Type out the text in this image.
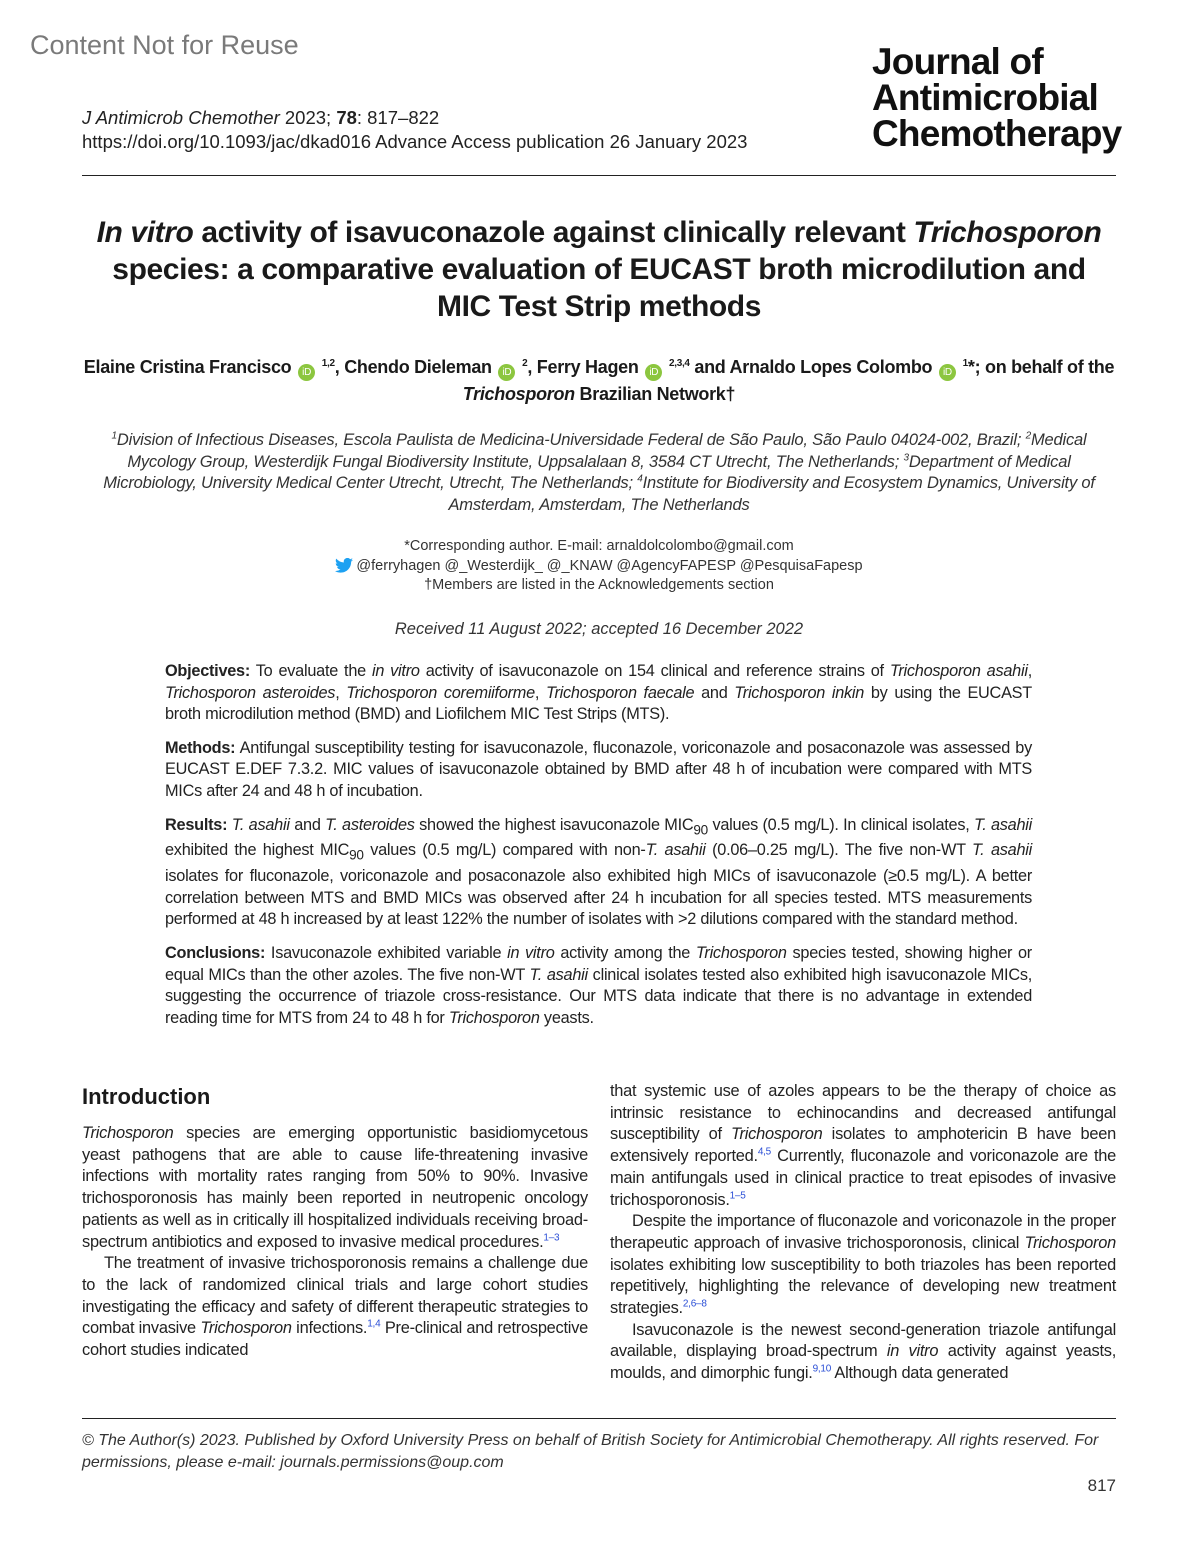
Content Not for Reuse
J Antimicrob Chemother 2023; 78: 817–822
https://doi.org/10.1093/jac/dkad016 Advance Access publication 26 January 2023
Journal of
Antimicrobial
Chemotherapy
In vitro activity of isavuconazole against clinically relevant Trichosporon species: a comparative evaluation of EUCAST broth microdilution and MIC Test Strip methods
Elaine Cristina Francisco iD $^{1,2}$, Chendo Dieleman iD $^2$, Ferry Hagen iD $^{2,3,4}$ and Arnaldo Lopes Colombo iD $^1$*; on behalf of the Trichosporon Brazilian Network†
$^1$Division of Infectious Diseases, Escola Paulista de Medicina-Universidade Federal de São Paulo, São Paulo 04024-002, Brazil; $^2$Medical Mycology Group, Westerdijk Fungal Biodiversity Institute, Uppsalalaan 8, 3584 CT Utrecht, The Netherlands; $^3$Department of Medical Microbiology, University Medical Center Utrecht, Utrecht, The Netherlands; $^4$Institute for Biodiversity and Ecosystem Dynamics, University of Amsterdam, Amsterdam, The Netherlands
*Corresponding author. E-mail: arnaldolcolombo@gmail.com
@ferryhagen @_Westerdijk_ @_KNAW @AgencyFAPESP @PesquisaFapesp
†Members are listed in the Acknowledgements section
Received 11 August 2022; accepted 16 December 2022

Objectives: To evaluate the in vitro activity of isavuconazole on 154 clinical and reference strains of Trichosporon asahii, Trichosporon asteroides, Trichosporon coremiiforme, Trichosporon faecale and Trichosporon inkin by using the EUCAST broth microdilution method (BMD) and Liofilchem MIC Test Strips (MTS).

Methods: Antifungal susceptibility testing for isavuconazole, fluconazole, voriconazole and posaconazole was assessed by EUCAST E.DEF 7.3.2. MIC values of isavuconazole obtained by BMD after 48 h of incubation were compared with MTS MICs after 24 and 48 h of incubation.

Results: T. asahii and T. asteroides showed the highest isavuconazole $MIC_{90}$ values (0.5 mg/L). In clinical isolates, T. asahii exhibited the highest $MIC_{90}$ values (0.5 mg/L) compared with non-T. asahii (0.06–0.25 mg/L). The five non-WT T. asahii isolates for fluconazole, voriconazole and posaconazole also exhibited high MICs of isavuconazole (≥0.5 mg/L). A better correlation between MTS and BMD MICs was observed after 24 h incubation for all species tested. MTS measurements performed at 48 h increased by at least 122% the number of isolates with >2 dilutions compared with the standard method.

Conclusions: Isavuconazole exhibited variable in vitro activity among the Trichosporon species tested, showing higher or equal MICs than the other azoles. The five non-WT T. asahii clinical isolates tested also exhibited high isavuconazole MICs, suggesting the occurrence of triazole cross-resistance. Our MTS data indicate that there is no advantage in extended reading time for MTS from 24 to 48 h for Trichosporon yeasts.

Introduction

Trichosporon species are emerging opportunistic basidiomycetous yeast pathogens that are able to cause life-threatening invasive infections with mortality rates ranging from 50% to 90%. Invasive trichosporonosis has mainly been reported in neutropenic oncology patients as well as in critically ill hospitalized individuals receiving broad-spectrum antibiotics and exposed to invasive medical procedures.$^{1-3}$

The treatment of invasive trichosporonosis remains a challenge due to the lack of randomized clinical trials and large cohort studies investigating the efficacy and safety of different therapeutic strategies to combat invasive Trichosporon infections.$^{1,4}$ Pre-clinical and retrospective cohort studies indicated

that systemic use of azoles appears to be the therapy of choice as intrinsic resistance to echinocandins and decreased antifungal susceptibility of Trichosporon isolates to amphotericin B have been extensively reported.$^{4,5}$ Currently, fluconazole and voriconazole are the main antifungals used in clinical practice to treat episodes of invasive trichosporonosis.$^{1-5}$

Despite the importance of fluconazole and voriconazole in the proper therapeutic approach of invasive trichosporonosis, clinical Trichosporon isolates exhibiting low susceptibility to both triazoles has been reported repetitively, highlighting the relevance of developing new treatment strategies.$^{2,6-8}$

Isavuconazole is the newest second-generation triazole antifungal available, displaying broad-spectrum in vitro activity against yeasts, moulds, and dimorphic fungi.$^{9,10}$ Although data generated

© The Author(s) 2023. Published by Oxford University Press on behalf of British Society for Antimicrobial Chemotherapy. All rights reserved. For permissions, please e-mail: journals.permissions@oup.com
817
